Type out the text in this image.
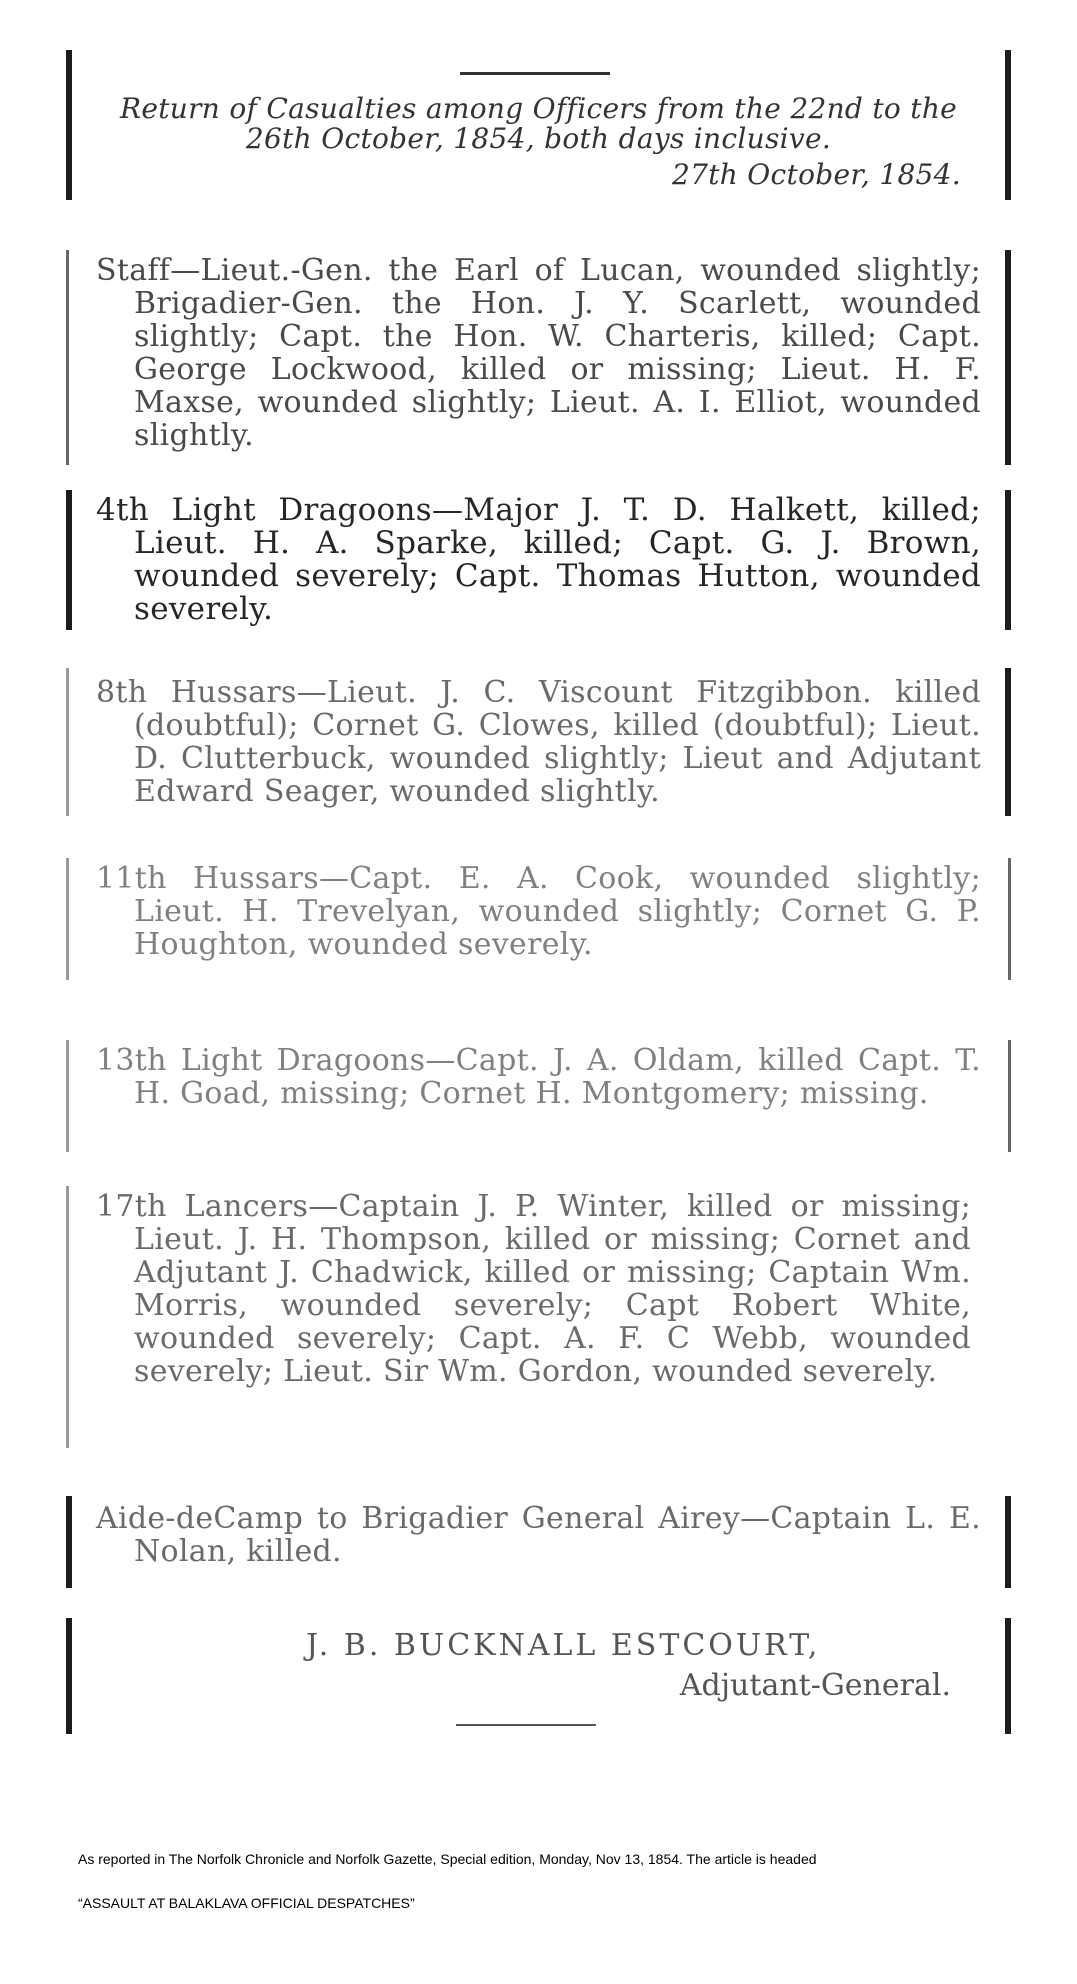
Return of Casualties among Officers from the 22nd to the 26th October, 1854, both days inclusive.
27th October, 1854.
Staff—Lieut.-Gen. the Earl of Lucan, wounded slightly; Brigadier-Gen. the Hon. J. Y. Scarlett, wounded slightly; Capt. the Hon. W. Charteris, killed; Capt. George Lockwood, killed or missing; Lieut. H. F. Maxse, wounded slightly; Lieut. A. I. Elliot, wounded slightly.
4th Light Dragoons—Major J. T. D. Halkett, killed; Lieut. H. A. Sparke, killed; Capt. G. J. Brown, wounded severely; Capt. Thomas Hutton, wounded severely.
8th Hussars—Lieut. J. C. Viscount Fitzgibbon. killed (doubtful); Cornet G. Clowes, killed (doubtful); Lieut. D. Clutterbuck, wounded slightly; Lieut and Adjutant Edward Seager, wounded slightly.
11th Hussars—Capt. E. A. Cook, wounded slightly; Lieut. H. Trevelyan, wounded slightly; Cornet G. P. Houghton, wounded severely.
13th Light Dragoons—Capt. J. A. Oldam, killed Capt. T. H. Goad, missing; Cornet H. Montgomery; missing.
17th Lancers—Captain J. P. Winter, killed or missing; Lieut. J. H. Thompson, killed or missing; Cornet and Adjutant J. Chadwick, killed or missing; Captain Wm. Morris, wounded severely; Capt Robert White, wounded severely; Capt. A. F. C Webb, wounded severely; Lieut. Sir Wm. Gordon, wounded severely.
Aide-deCamp to Brigadier General Airey—Captain L. E. Nolan, killed.
J. B. BUCKNALL ESTCOURT,
Adjutant-General.
As reported in The Norfolk Chronicle and Norfolk Gazette, Special edition, Monday, Nov 13, 1854. The article is headed
“ASSAULT AT BALAKLAVA OFFICIAL DESPATCHES”
